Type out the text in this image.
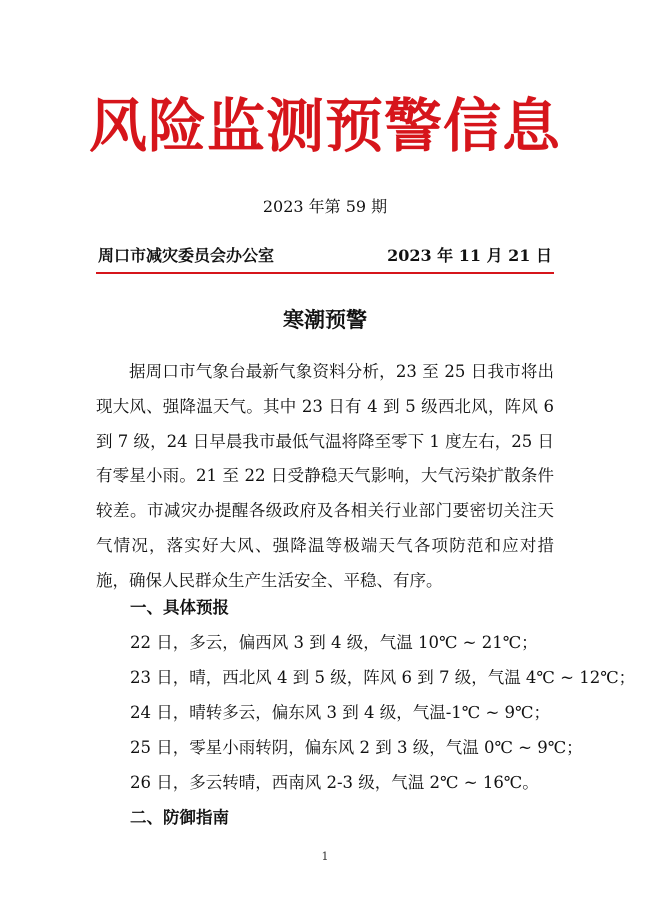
风险监测预警信息
2023 年第 59 期
周口市减灾委员会办公室	2023 年 11 月 21 日
寒潮预警
据周口市气象台最新气象资料分析，23 至 25 日我市将出现大风、强降温天气。其中 23 日有 4 到 5 级西北风，阵风 6 到 7 级，24 日早晨我市最低气温将降至零下 1 度左右，25 日有零星小雨。21 至 22 日受静稳天气影响，大气污染扩散条件较差。市减灾办提醒各级政府及各相关行业部门要密切关注天气情况，落实好大风、强降温等极端天气各项防范和应对措施，确保人民群众生产生活安全、平稳、有序。
一、具体预报
22 日，多云，偏西风 3 到 4 级，气温 10℃ ~ 21℃；
23 日，晴，西北风 4 到 5 级，阵风 6 到 7 级，气温 4℃ ~ 12℃；
24 日，晴转多云，偏东风 3 到 4 级，气温-1℃ ~ 9℃；
25 日，零星小雨转阴，偏东风 2 到 3 级，气温 0℃ ~ 9℃；
26 日，多云转晴，西南风 2-3 级，气温 2℃ ~ 16℃。
二、防御指南
1
